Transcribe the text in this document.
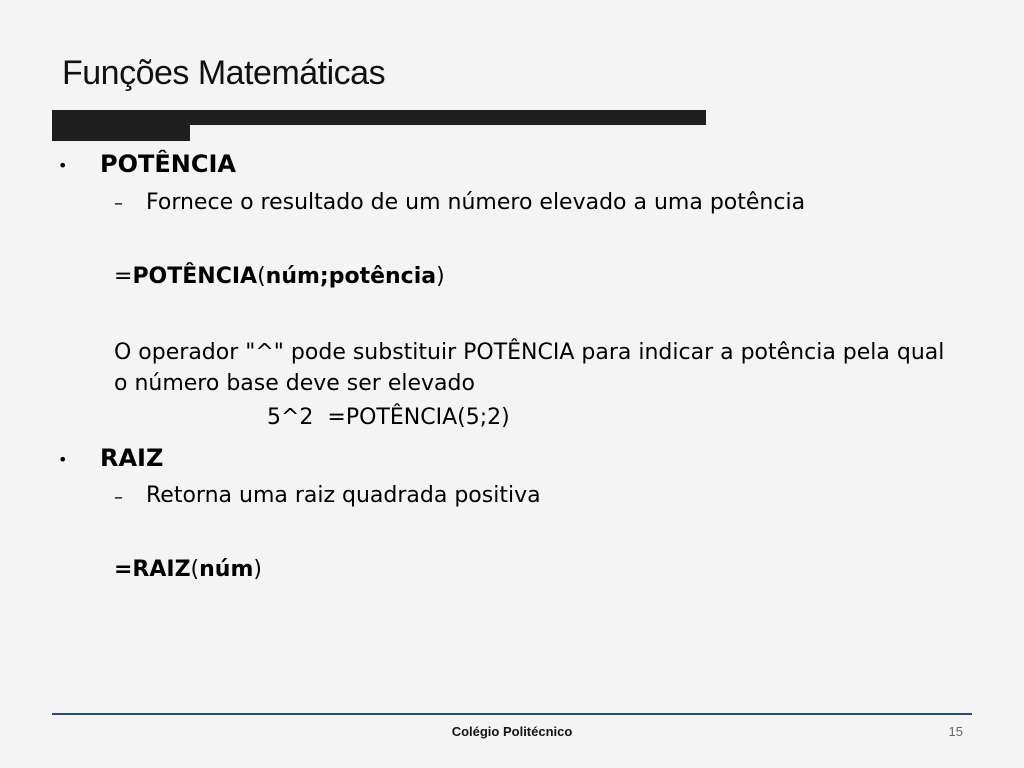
Funções Matemáticas
• POTÊNCIA
– Fornece o resultado de um número elevado a uma potência
=POTÊNCIA(núm;potência)
O operador "^" pode substituir POTÊNCIA para indicar a potência pela qual o número base deve ser elevado
5^2  =POTÊNCIA(5;2)
• RAIZ
– Retorna uma raiz quadrada positiva
=RAIZ(núm)
Colégio Politécnico	15
